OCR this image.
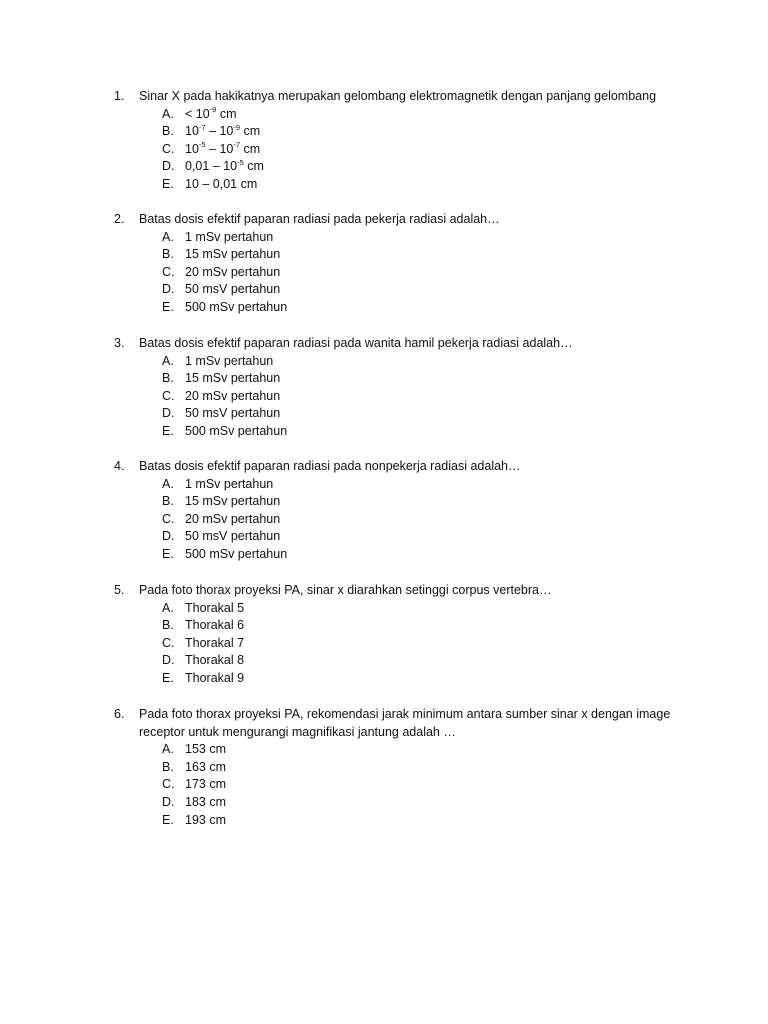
1.	Sinar X pada hakikatnya merupakan gelombang elektromagnetik dengan panjang gelombang
A. < $10^{-9}$ cm
B. $10^{-7} - 10^{-9}$ cm
C. $10^{-5} - 10^{-7}$ cm
D. $0,01 - 10^{-5}$ cm
E. 10 – 0,01 cm
2.	Batas dosis efektif paparan radiasi pada pekerja radiasi adalah…
A. 1 mSv pertahun
B. 15 mSv pertahun
C. 20 mSv pertahun
D. 50 msV pertahun
E. 500 mSv pertahun
3.	Batas dosis efektif paparan radiasi pada wanita hamil pekerja radiasi adalah…
A. 1 mSv pertahun
B. 15 mSv pertahun
C. 20 mSv pertahun
D. 50 msV pertahun
E. 500 mSv pertahun
4.	Batas dosis efektif paparan radiasi pada nonpekerja radiasi adalah…
A. 1 mSv pertahun
B. 15 mSv pertahun
C. 20 mSv pertahun
D. 50 msV pertahun
E. 500 mSv pertahun
5.	Pada foto thorax proyeksi PA, sinar x diarahkan setinggi corpus vertebra…
A. Thorakal 5
B. Thorakal 6
C. Thorakal 7
D. Thorakal 8
E. Thorakal 9
6.	Pada foto thorax proyeksi PA, rekomendasi jarak minimum antara sumber sinar x dengan image receptor untuk mengurangi magnifikasi jantung adalah …
A. 153 cm
B. 163 cm
C. 173 cm
D. 183 cm
E. 193 cm
